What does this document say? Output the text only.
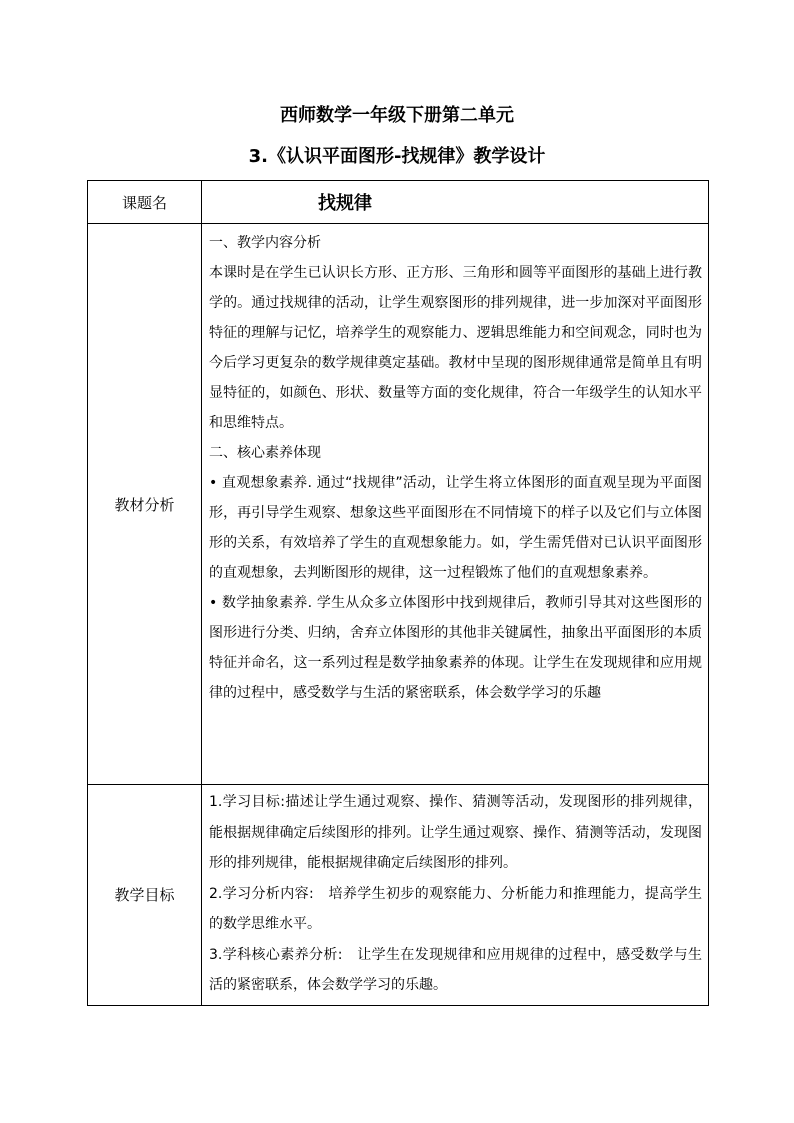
西师数学一年级下册第二单元
3.《认识平面图形-找规律》教学设计
课题名	找规律
教材分析	一、教学内容分析

本课时是在学生已认识长方形、正方形、三角形和圆等平面图形的基础上进行教学的。通过找规律的活动，让学生观察图形的排列规律，进一步加深对平面图形特征的理解与记忆，培养学生的观察能力、逻辑思维能力和空间观念，同时也为今后学习更复杂的数学规律奠定基础。教材中呈现的图形规律通常是简单且有明显特征的，如颜色、形状、数量等方面的变化规律，符合一年级学生的认知水平和思维特点。

二、核心素养体现

• 直观想象素养. 通过“找规律”活动，让学生将立体图形的面直观呈现为平面图形，再引导学生观察、想象这些平面图形在不同情境下的样子以及它们与立体图形的关系，有效培养了学生的直观想象能力。如，学生需凭借对已认识平面图形的直观想象，去判断图形的规律，这一过程锻炼了他们的直观想象素养。

• 数学抽象素养. 学生从众多立体图形中找到规律后，教师引导其对这些图形的图形进行分类、归纳，舍弃立体图形的其他非关键属性，抽象出平面图形的本质特征并命名，这一系列过程是数学抽象素养的体现。让学生在发现规律和应用规律的过程中，感受数学与生活的紧密联系，体会数学学习的乐趣

教学目标	1.学习目标:描述让学生通过观察、操作、猜测等活动，发现图形的排列规律，能根据规律确定后续图形的排列。让学生通过观察、操作、猜测等活动，发现图形的排列规律，能根据规律确定后续图形的排列。

2.学习分析内容:　培养学生初步的观察能力、分析能力和推理能力，提高学生的数学思维水平。

3.学科核心素养分析:　让学生在发现规律和应用规律的过程中，感受数学与生活的紧密联系，体会数学学习的乐趣。
